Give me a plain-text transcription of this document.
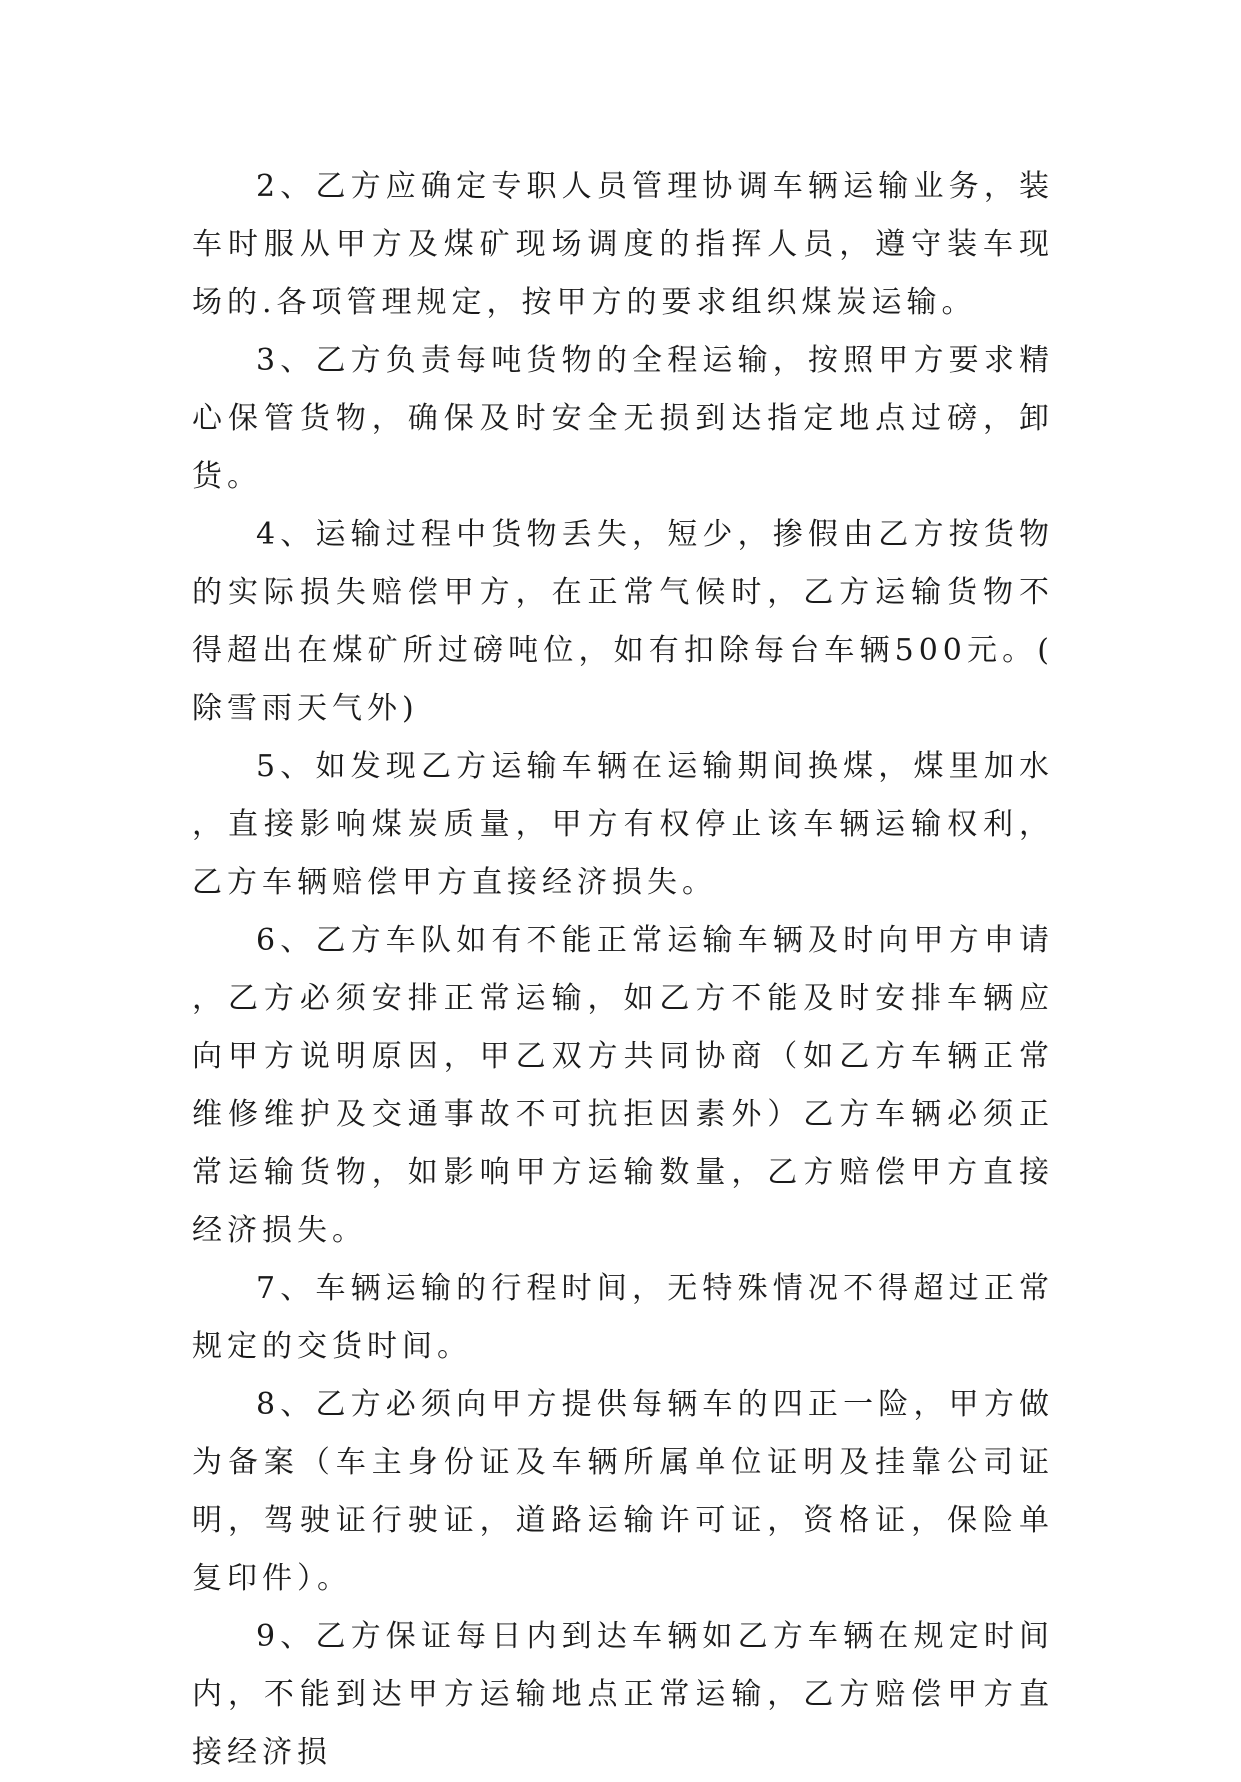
2、乙方应确定专职人员管理协调车辆运输业务，装车时服从甲方及煤矿现场调度的指挥人员，遵守装车现场的.各项管理规定，按甲方的要求组织煤炭运输。

3、乙方负责每吨货物的全程运输，按照甲方要求精心保管货物，确保及时安全无损到达指定地点过磅，卸货。

4、运输过程中货物丢失，短少，掺假由乙方按货物的实际损失赔偿甲方，在正常气候时，乙方运输货物不得超出在煤矿所过磅吨位，如有扣除每台车辆500元。(除雪雨天气外)

5、如发现乙方运输车辆在运输期间换煤，煤里加水，直接影响煤炭质量，甲方有权停止该车辆运输权利，乙方车辆赔偿甲方直接经济损失。

6、乙方车队如有不能正常运输车辆及时向甲方申请，乙方必须安排正常运输，如乙方不能及时安排车辆应向甲方说明原因，甲乙双方共同协商（如乙方车辆正常维修维护及交通事故不可抗拒因素外）乙方车辆必须正常运输货物，如影响甲方运输数量，乙方赔偿甲方直接经济损失。

7、车辆运输的行程时间，无特殊情况不得超过正常规定的交货时间。

8、乙方必须向甲方提供每辆车的四正一险，甲方做为备案（车主身份证及车辆所属单位证明及挂靠公司证明，驾驶证行驶证，道路运输许可证，资格证，保险单复印件）。

9、乙方保证每日内到达车辆如乙方车辆在规定时间内，不能到达甲方运输地点正常运输，乙方赔偿甲方直接经济损
